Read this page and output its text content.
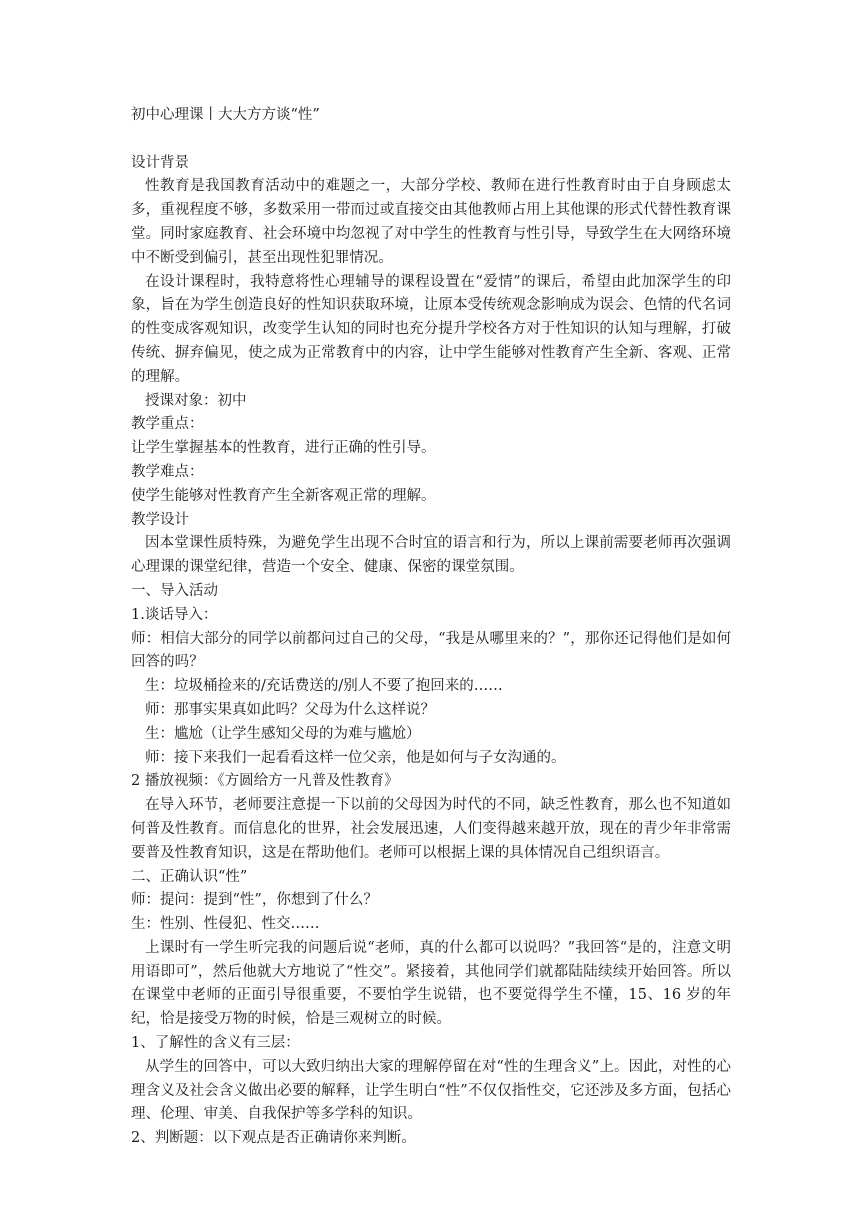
初中心理课丨大大方方谈“性”
设计背景
性教育是我国教育活动中的难题之一，大部分学校、教师在进行性教育时由于自身顾虑太多，重视程度不够，多数采用一带而过或直接交由其他教师占用上其他课的形式代替性教育课堂。同时家庭教育、社会环境中均忽视了对中学生的性教育与性引导，导致学生在大网络环境中不断受到偏引，甚至出现性犯罪情况。
在设计课程时，我特意将性心理辅导的课程设置在“爱情”的课后，希望由此加深学生的印象，旨在为学生创造良好的性知识获取环境，让原本受传统观念影响成为误会、色情的代名词的性变成客观知识，改变学生认知的同时也充分提升学校各方对于性知识的认知与理解，打破传统、摒弃偏见，使之成为正常教育中的内容，让中学生能够对性教育产生全新、客观、正常的理解。
授课对象：初中
教学重点：
让学生掌握基本的性教育，进行正确的性引导。
教学难点：
使学生能够对性教育产生全新客观正常的理解。
教学设计
因本堂课性质特殊，为避免学生出现不合时宜的语言和行为，所以上课前需要老师再次强调心理课的课堂纪律，营造一个安全、健康、保密的课堂氛围。
一、导入活动
1.谈话导入：
师：相信大部分的同学以前都问过自己的父母，“我是从哪里来的？”，那你还记得他们是如何回答的吗？
生：垃圾桶捡来的/充话费送的/别人不要了抱回来的……
师：那事实果真如此吗？父母为什么这样说？
生：尴尬（让学生感知父母的为难与尴尬）
师：接下来我们一起看看这样一位父亲，他是如何与子女沟通的。
2 播放视频：《方圆给方一凡普及性教育》
在导入环节，老师要注意提一下以前的父母因为时代的不同，缺乏性教育，那么也不知道如何普及性教育。而信息化的世界，社会发展迅速，人们变得越来越开放，现在的青少年非常需要普及性教育知识，这是在帮助他们。老师可以根据上课的具体情况自己组织语言。
二、正确认识“性”
师：提问：提到“性”，你想到了什么？
生：性别、性侵犯、性交……
上课时有一学生听完我的问题后说“老师，真的什么都可以说吗？”我回答“是的，注意文明用语即可”，然后他就大方地说了“性交”。紧接着，其他同学们就都陆陆续续开始回答。所以在课堂中老师的正面引导很重要，不要怕学生说错，也不要觉得学生不懂，15、16 岁的年纪，恰是接受万物的时候，恰是三观树立的时候。
1、了解性的含义有三层：
从学生的回答中，可以大致归纳出大家的理解停留在对“性的生理含义”上。因此，对性的心理含义及社会含义做出必要的解释，让学生明白“性”不仅仅指性交，它还涉及多方面，包括心理、伦理、审美、自我保护等多学科的知识。
2、判断题：以下观点是否正确请你来判断。
